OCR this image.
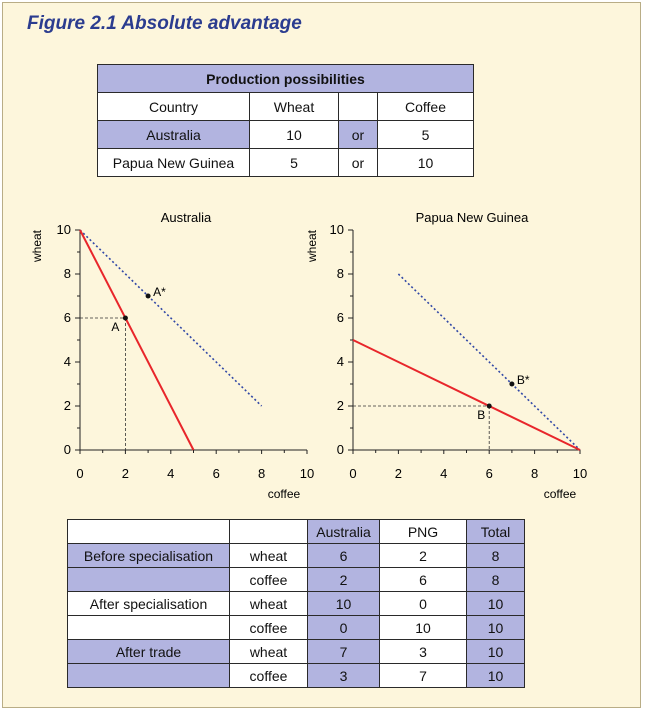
Figure 2.1 Absolute advantage
Production possibilities			
Country	Wheat		Coffee
Australia	10	or	5
Papua New Guinea	5	or	10
Australia
wheat
coffee
0	2	4	6	8	10
0
2
4
6
8
10
A
A*
Papua New Guinea
wheat
coffee
0	2	4	6	8	10
0
2
4
6
8
10
B
B*
		Australia	PNG	Total
Before specialisation	wheat	6	2	8
	coffee	2	6	8
After specialisation	wheat	10	0	10
	coffee	0	10	10
After trade	wheat	7	3	10
	coffee	3	7	10
